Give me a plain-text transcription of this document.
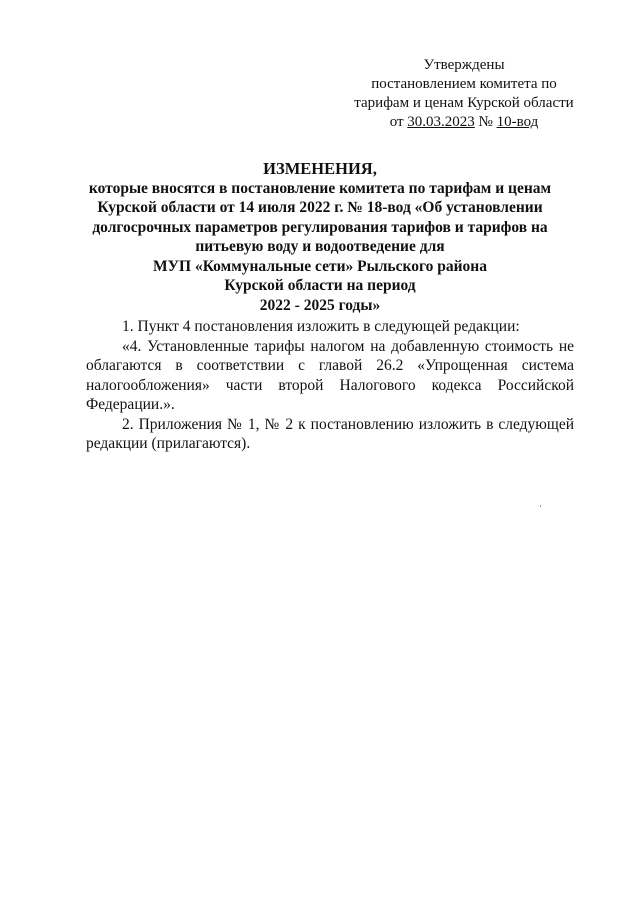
Утверждены
постановлением комитета по
тарифам и ценам Курской области
от 30.03.2023 № 10-вод
ИЗМЕНЕНИЯ,
которые вносятся в постановление комитета по тарифам и ценам
Курской области от 14 июля 2022 г. № 18-вод «Об установлении
долгосрочных параметров регулирования тарифов и тарифов на
питьевую воду и водоотведение для
МУП «Коммунальные сети» Рыльского района
Курской области на период
2022 - 2025 годы»

1. Пункт 4 постановления изложить в следующей редакции:

«4. Установленные тарифы налогом на добавленную стоимость не облагаются в соответствии с главой 26.2 «Упрощенная система налогообложения» части второй Налогового кодекса Российской Федерации.».

2. Приложения № 1, № 2 к постановлению изложить в следующей редакции (прилагаются).
